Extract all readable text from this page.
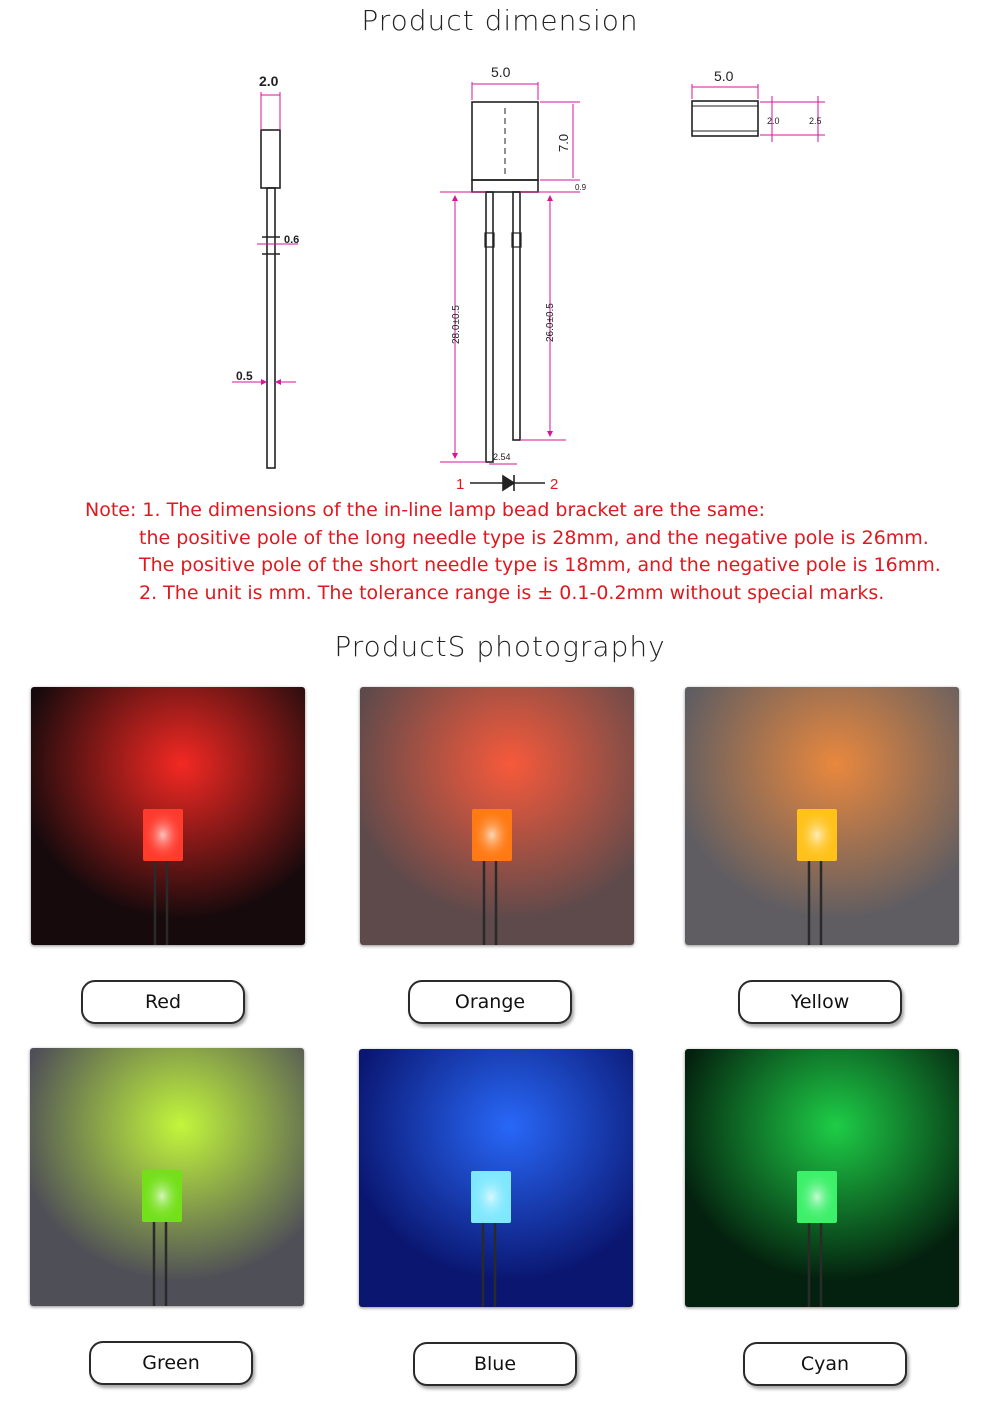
Product dimension
2.0
0.6
0.5
5.0
7.0
0.9
28.0±0.5	26.0±0.5
2.54
1	2
5.0
2.0	2.5
Note: 1. The dimensions of the in-line lamp bead bracket are the same:
the positive pole of the long needle type is 28mm, and the negative pole is 26mm.
The positive pole of the short needle type is 18mm, and the negative pole is 16mm.
2. The unit is mm. The tolerance range is ± 0.1-0.2mm without special marks.
ProductS photography
Red	Orange	Yellow
Green	Blue	Cyan
